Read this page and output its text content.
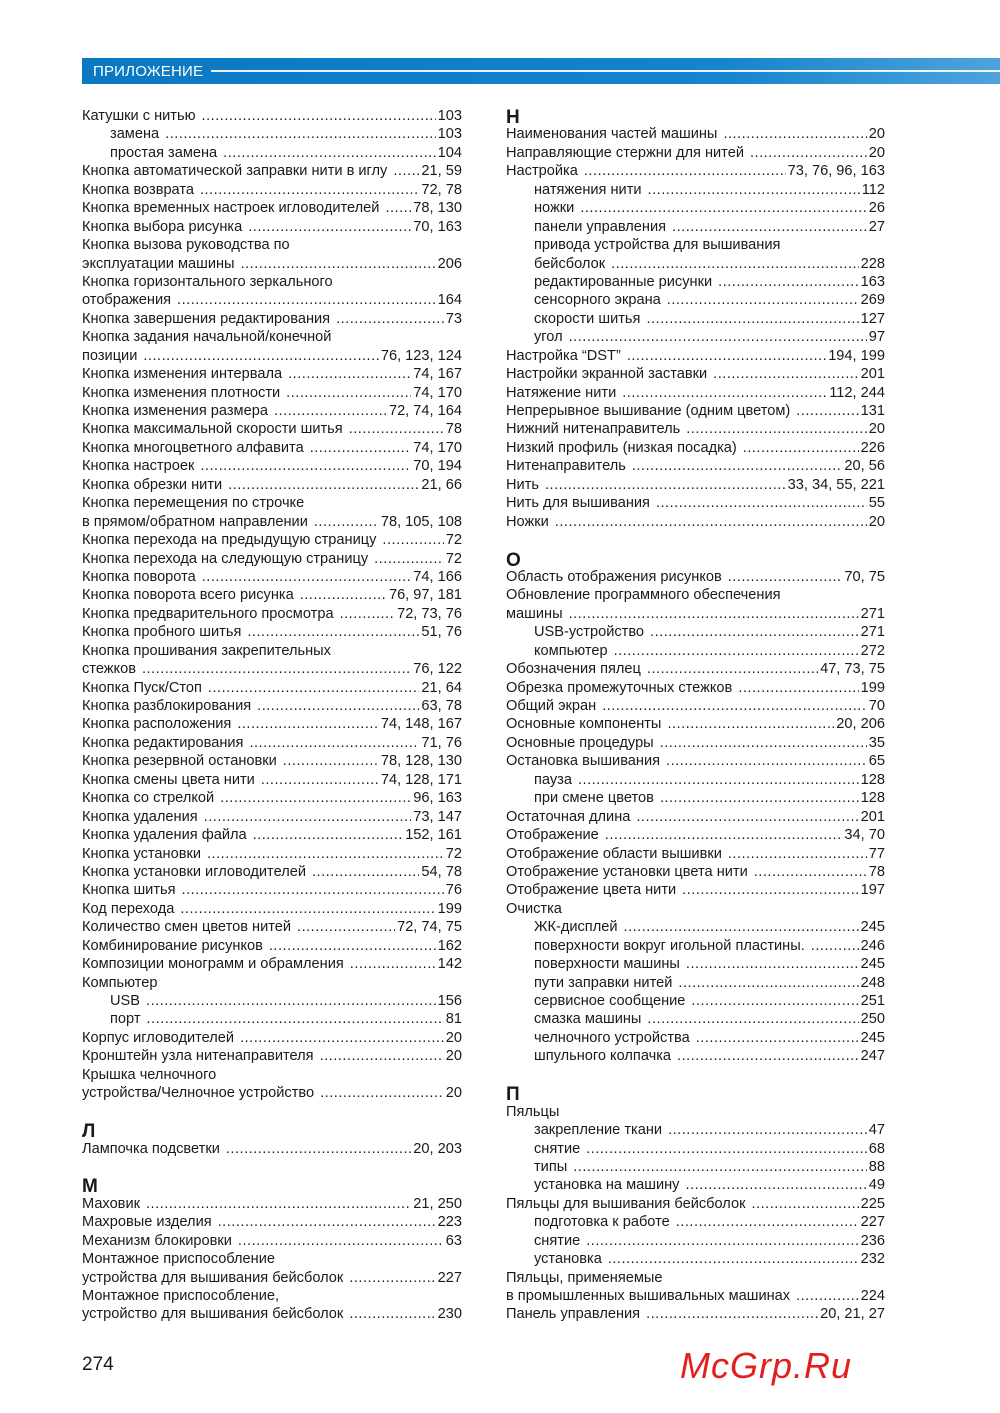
ПРИЛОЖЕНИЕ
Катушки с нитью .....	103
замена .....	103
простая замена .....	104
Кнопка автоматической заправки нити в иглу ..... 21, 59
Кнопка возврата .....	72, 78
Кнопка временных настроек игловодителей ..... 78, 130
Кнопка выбора рисунка .....	70, 163
Кнопка вызова руководства по
эксплуатации машины .....	206
Кнопка горизонтального зеркального
отображения .....	164
Кнопка завершения редактирования .....	73
Кнопка задания начальной/конечной
позиции .....	76, 123, 124
Кнопка изменения интервала .....	74, 167
Кнопка изменения плотности .....	74, 170
Кнопка изменения размера .....	72, 74, 164
Кнопка максимальной скорости шитья .....	78
Кнопка многоцветного алфавита .....	74, 170
Кнопка настроек .....	70, 194
Кнопка обрезки нити .....	21, 66
Кнопка перемещения по строчке
в прямом/обратном направлении .....	78, 105, 108
Кнопка перехода на предыдущую страницу .....	72
Кнопка перехода на следующую страницу .....	72
Кнопка поворота .....	74, 166
Кнопка поворота всего рисунка .....	76, 97, 181
Кнопка предварительного просмотра .....	72, 73, 76
Кнопка пробного шитья .....	51, 76
Кнопка прошивания закрепительных
стежков .....	76, 122
Кнопка Пуск/Стоп .....	21, 64
Кнопка разблокирования .....	63, 78
Кнопка расположения .....	74, 148, 167
Кнопка редактирования .....	71, 76
Кнопка резервной остановки .....	78, 128, 130
Кнопка смены цвета нити .....	74, 128, 171
Кнопка со стрелкой .....	96, 163
Кнопка удаления .....	73, 147
Кнопка удаления файла .....	152, 161
Кнопка установки .....	72
Кнопка установки игловодителей .....	54, 78
Кнопка шитья .....	76
Код перехода .....	199
Количество смен цветов нитей .....	72, 74, 75
Комбинирование рисунков .....	162
Композиции монограмм и обрамления .....	142
Компьютер
USB .....	156
порт .....	81
Корпус игловодителей .....	20
Кронштейн узла нитенаправителя .....	20
Крышка челночного
устройства/Челночное устройство .....	20
Л
Лампочка подсветки .....	20, 203
М
Маховик .....	21, 250
Махровые изделия .....	223
Механизм блокировки .....	63
Монтажное приспособление
устройства для вышивания бейсболок .....	227
Монтажное приспособление,
устройство для вышивания бейсболок .....	230
Н
Наименования частей машины .....	20
Направляющие стержни для нитей .....	20
Настройка .....	73, 76, 96, 163
натяжения нити .....	112
ножки .....	26
панели управления .....	27
привода устройства для вышивания
бейсболок .....	228
редактированные рисунки .....	163
сенсорного экрана .....	269
скорости шитья .....	127
угол .....	97
Настройка “DST” .....	194, 199
Настройки экранной заставки .....	201
Натяжение нити .....	112, 244
Непрерывное вышивание (одним цветом) .....	131
Нижний нитенаправитель .....	20
Низкий профиль (низкая посадка) .....	226
Нитенаправитель .....	20, 56
Нить .....	33, 34, 55, 221
Нить для вышивания .....	55
Ножки .....	20
О
Область отображения рисунков .....	70, 75
Обновление программного обеспечения
машины .....	271
USB-устройство .....	271
компьютер .....	272
Обозначения пялец .....	47, 73, 75
Обрезка промежуточных стежков .....	199
Общий экран .....	70
Основные компоненты .....	20, 206
Основные процедуры .....	35
Остановка вышивания .....	65
пауза .....	128
при смене цветов .....	128
Остаточная длина .....	201
Отображение .....	34, 70
Отображение области вышивки .....	77
Отображение установки цвета нити .....	78
Отображение цвета нити .....	197
Очистка
ЖК-дисплей .....	245
поверхности вокруг игольной пластины. .....	246
поверхности машины .....	245
пути заправки нитей .....	248
сервисное сообщение .....	251
смазка машины .....	250
челночного устройства .....	245
шпульного колпачка .....	247
П
Пяльцы
закрепление ткани .....	47
снятие .....	68
типы .....	88
установка на машину .....	49
Пяльцы для вышивания бейсболок .....	225
подготовка к работе .....	227
снятие .....	236
установка .....	232
Пяльцы, применяемые
в промышленных вышивальных машинах .....	224
Панель управления .....	20, 21, 27
McGrp.Ru
274
